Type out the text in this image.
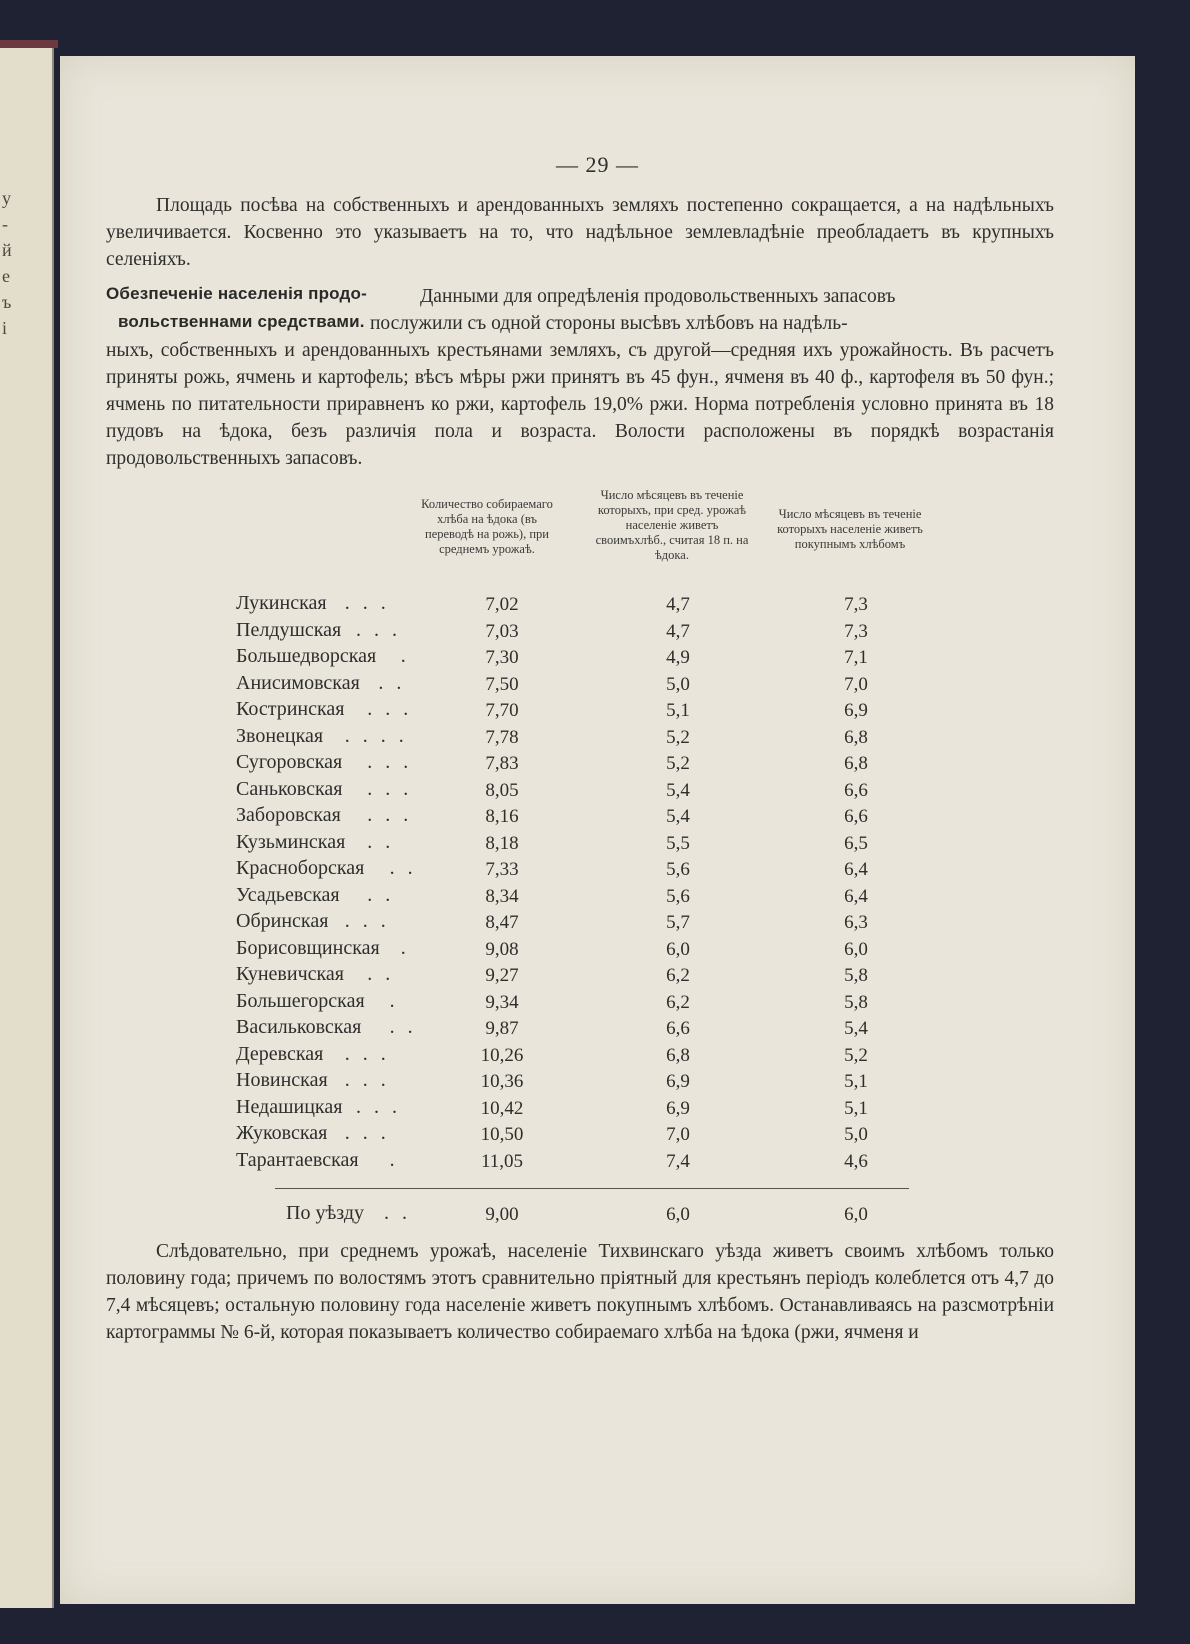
у
-
й
е
ъ
і
— 29 —
Площадь посѣва на собственныхъ и арендованныхъ земляхъ постепенно сокращается, а на надѣльныхъ увеличивается. Косвенно это указываетъ на то, что надѣльное землевладѣніе преобладаетъ въ крупныхъ селеніяхъ.
Обезпеченіе населенія продо-
вольственнами средствами.
Данными для опредѣленія продовольственныхъ запасовъ
послужили съ одной стороны высѣвъ хлѣбовъ на надѣль-
ныхъ, собственныхъ и арендованныхъ крестьянами земляхъ, съ другой—средняя ихъ урожайность. Въ расчетъ приняты рожь, ячмень и картофель; вѣсъ мѣры ржи принятъ въ 45 фун., ячменя въ 40 ф., картофеля въ 50 фун.; ячмень по питательности приравненъ ко ржи, картофель 19,0% ржи. Норма потребленія условно принята въ 18 пудовъ на ѣдока, безъ различія пола и возраста. Волости расположены въ порядкѣ возрастанія продовольственныхъ запасовъ.
Количество собираемаго хлѣба на ѣдока (въ переводѣ на рожь), при среднемъ урожаѣ.
Число мѣсяцевъ въ теченіе которыхъ, при сред. урожаѣ населеніе живетъ своимъхлѣб., считая 18 п. на ѣдока.
Число мѣсяцевъ въ теченіе которыхъ населеніе живетъ покупнымъ хлѣбомъ
Лукинская . . .	7,02	4,7	7,3
Пелдушская . . .	7,03	4,7	7,3
Большедворская .	7,30	4,9	7,1
Анисимовская . .	7,50	5,0	7,0
Костринская . . .	7,70	5,1	6,9
Звонецкая . . . .	7,78	5,2	6,8
Сугоровская . . .	7,83	5,2	6,8
Саньковская . . .	8,05	5,4	6,6
Заборовская . . .	8,16	5,4	6,6
Кузьминская . .	8,18	5,5	6,5
Красноборская . .	7,33	5,6	6,4
Усадьевская . .	8,34	5,6	6,4
Обринская . . .	8,47	5,7	6,3
Борисовщинская .	9,08	6,0	6,0
Куневичская . .	9,27	6,2	5,8
Большегорская .	9,34	6,2	5,8
Васильковская . .	9,87	6,6	5,4
Деревская . . .	10,26	6,8	5,2
Новинская . . .	10,36	6,9	5,1
Недашицкая . . .	10,42	6,9	5,1
Жуковская . . .	10,50	7,0	5,0
Тарантаевская .	11,05	7,4	4,6
По уѣзду . .	9,00	6,0	6,0
Слѣдовательно, при среднемъ урожаѣ, населеніе Тихвинскаго уѣзда живетъ своимъ хлѣбомъ только половину года; причемъ по волостямъ этотъ сравнительно пріятный для крестьянъ періодъ колеблется отъ 4,7 до 7,4 мѣсяцевъ; остальную половину года населеніе живетъ покупнымъ хлѣбомъ. Останавливаясь на разсмотрѣніи картограммы № 6-й, которая показываетъ количество собираемаго хлѣба на ѣдока (ржи, ячменя и
